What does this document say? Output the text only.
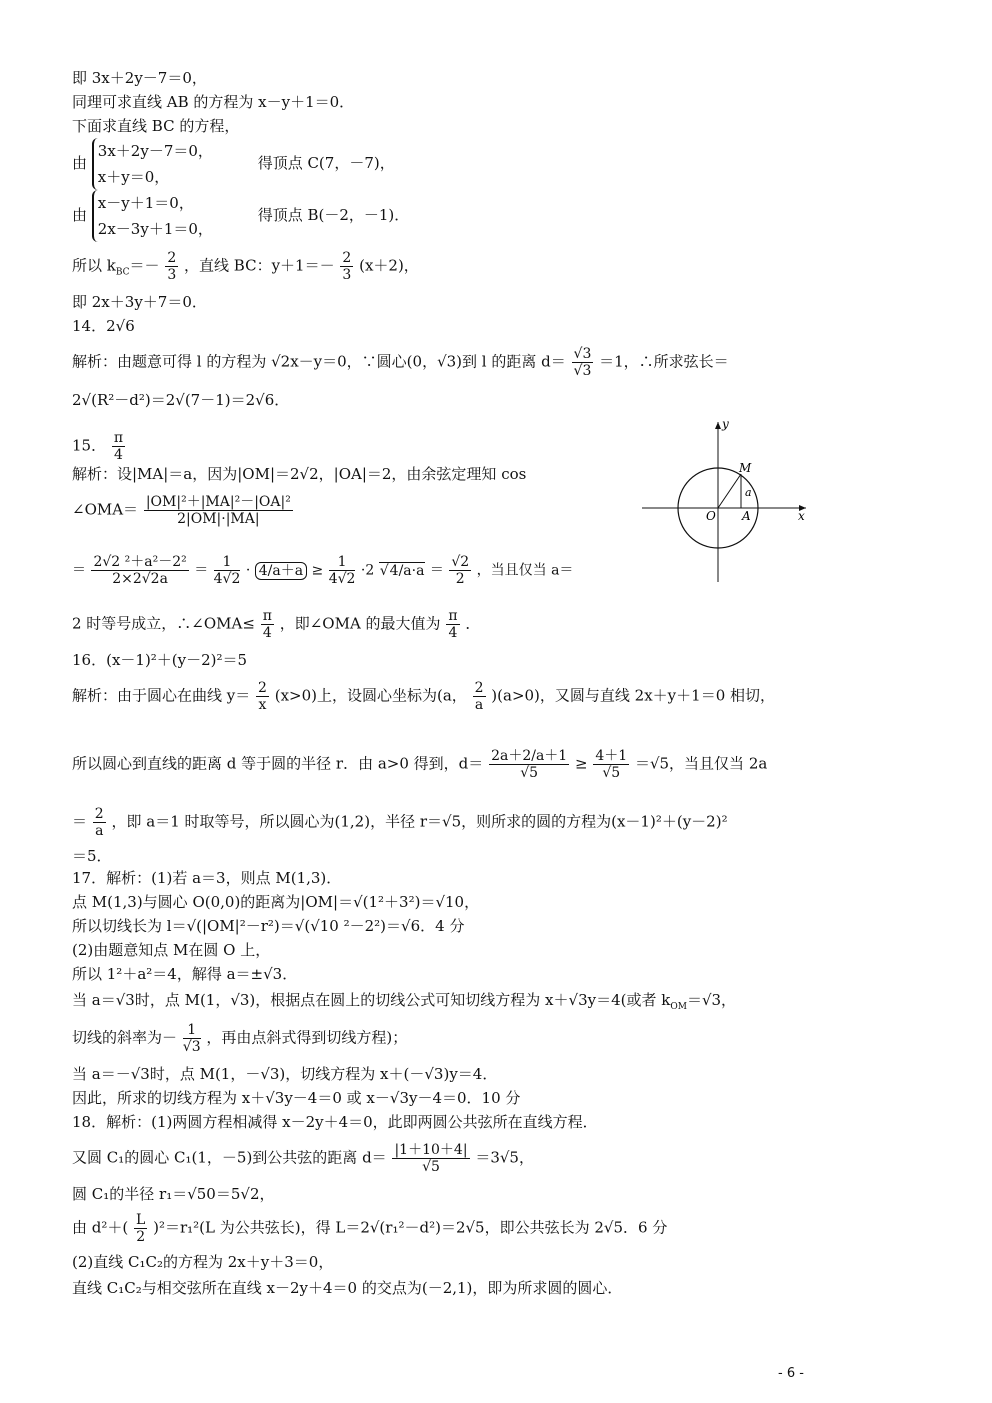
即 3x＋2y－7＝0，
同理可求直线 AB 的方程为 x－y＋1＝0．
下面求直线 BC 的方程，
由
3x＋2y－7＝0，
x＋y＝0，
得顶点 C(7，－7)，
由
x－y＋1＝0，
2x－3y＋1＝0，
得顶点 B(－2，－1)．
所以 $k_{BC}=- \frac{2}{3}$ ，直线 BC：$y+1=- \frac{2}{3} (x+2)$，
即 2x＋3y＋7＝0．
14．2√6
解析：由题意可得 l 的方程为 √2x－y＝0，∵圆心(0，√3)到 l 的距离 $d= \frac{√3}{√3} =1$，∴所求弦长＝
2√(R²－d²)＝2√(7－1)＝2√6．
15． $\frac{\pi}{4}$
解析：设|MA|＝a，因为|OM|＝2√2，|OA|＝2，由余弦定理知 cos
∠OMA＝ $\frac{\text{|OM|²＋|MA|²－|OA|²}}{2|OM|\cdot|MA|}$
＝ $\frac{\text{2√2 ²＋a²－2²}}{2\times 2√2a} = \frac{1}{4√2} \cdot 4/a+a \ge \frac{1}{4√2} \cdot 2$ √ $4/a\cdot a = \frac{√2}{2}$ ，当且仅当 a＝
2 时等号成立，∴∠OMA≤ $\frac{\pi}{4}$ ，即∠OMA 的最大值为 $\frac{\pi}{4}$ ．
16．(x－1)²＋(y－2)²＝5
解析：由于圆心在曲线 $y= \frac{2}{x} (x>0)$上，设圆心坐标为(a， $\frac{2}{a} )(a>0)$，又圆与直线 2x＋y＋1＝0 相切，
所以圆心到直线的距离 d 等于圆的半径 r．由 a>0 得到，$d= \frac{2a+2/a+1}{√5} \ge \frac{4+1}{√5} =√5$，当且仅当 2a
＝ $\frac{2}{a}$ ，即 a＝1 时取等号，所以圆心为(1,2)，半径 r＝√5，则所求的圆的方程为(x－1)²＋(y－2)²
＝5．
17．解析：(1)若 a＝3，则点 M(1,3)．
点 M(1,3)与圆心 O(0,0)的距离为|OM|＝√(1²＋3²)＝√10，
所以切线长为 l＝√(|OM|²－r²)＝√(√10 ²－2²)＝√6．4 分
(2)由题意知点 M在圆 O 上，
所以 1²＋a²＝4，解得 a＝±√3．
当 a＝√3时，点 M(1，√3)，根据点在圆上的切线公式可知切线方程为 x＋√3y＝4(或者 $k_{OM}=√3$，
切线的斜率为－ $\frac{1}{√3}$ ，再由点斜式得到切线方程)；
当 a＝－√3时，点 M(1，－√3)，切线方程为 x＋(－√3)y＝4．
因此，所求的切线方程为 x＋√3y－4＝0 或 x－√3y－4＝0．10 分
18．解析：(1)两圆方程相减得 x－2y＋4＝0，此即两圆公共弦所在直线方程．
又圆 C₁的圆心 C₁(1，－5)到公共弦的距离 $d= \frac{|1+10+4|}{√5} =3√5$，
圆 C₁的半径 r₁＝√50＝5√2，
由 $d^2+( \frac{L}{2} )^2=r_1^2(L$ 为公共弦长)，得 L＝2√(r₁²－d²)＝2√5，即公共弦长为 2√5．6 分
(2)直线 C₁C₂的方程为 2x＋y＋3＝0，
直线 C₁C₂与相交弦所在直线 x－2y＋4＝0 的交点为(－2,1)，即为所求圆的圆心．
x
y
O
M
A
a
- 6 -
